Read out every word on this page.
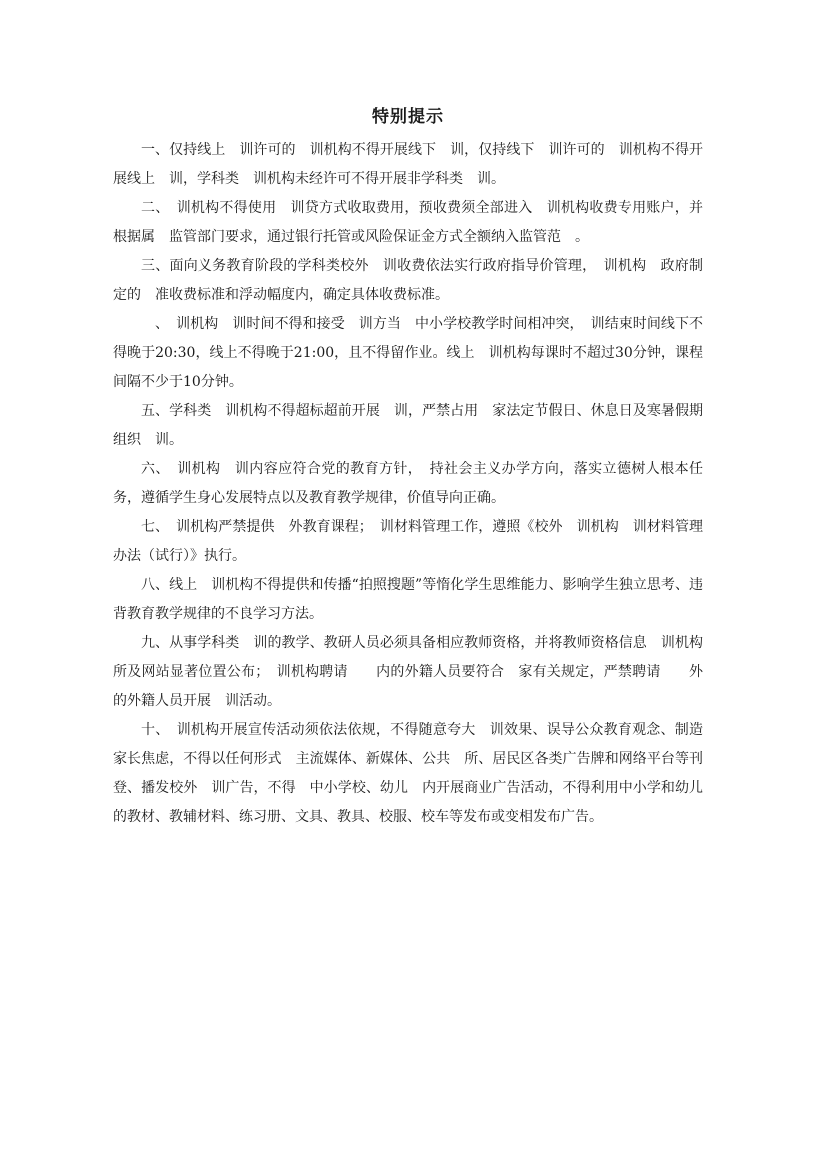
特别提示

一、仅持线上　训许可的　训机构不得开展线下　训，仅持线下　训许可的　训机构不得开展线上　训，学科类　训机构未经许可不得开展非学科类　训。

二、　训机构不得使用　训贷方式收取费用，预收费须全部进入　训机构收费专用账户，并根据属　监管部门要求，通过银行托管或风险保证金方式全额纳入监管范　。

三、面向义务教育阶段的学科类校外　训收费依法实行政府指导价管理，　训机构　政府制定的　准收费标准和浮动幅度内，确定具体收费标准。

　、　训机构　训时间不得和接受　训方当　中小学校教学时间相冲突，　训结束时间线下不得晚于20:30，线上不得晚于21:00，且不得留作业。线上　训机构每课时不超过30分钟，课程间隔不少于10分钟。

五、学科类　训机构不得超标超前开展　训，严禁占用　家法定节假日、休息日及寒暑假期组织　训。

六、　训机构　训内容应符合党的教育方针，　持社会主义办学方向，落实立德树人根本任务，遵循学生身心发展特点以及教育教学规律，价值导向正确。

七、　训机构严禁提供　外教育课程；　训材料管理工作，遵照《校外　训机构　训材料管理办法（试行）》执行。

八、线上　训机构不得提供和传播“拍照搜题”等惰化学生思维能力、影响学生独立思考、违背教育教学规律的不良学习方法。

九、从事学科类　训的教学、教研人员必须具备相应教师资格，并将教师资格信息　训机构　所及网站显著位置公布；　训机构聘请　　内的外籍人员要符合　家有关规定，严禁聘请　　外的外籍人员开展　训活动。

十、　训机构开展宣传活动须依法依规，不得随意夸大　训效果、误导公众教育观念、制造家长焦虑，不得以任何形式　主流媒体、新媒体、公共　所、居民区各类广告牌和网络平台等刊登、播发校外　训广告，不得　中小学校、幼儿　内开展商业广告活动，不得利用中小学和幼儿　的教材、教辅材料、练习册、文具、教具、校服、校车等发布或变相发布广告。
